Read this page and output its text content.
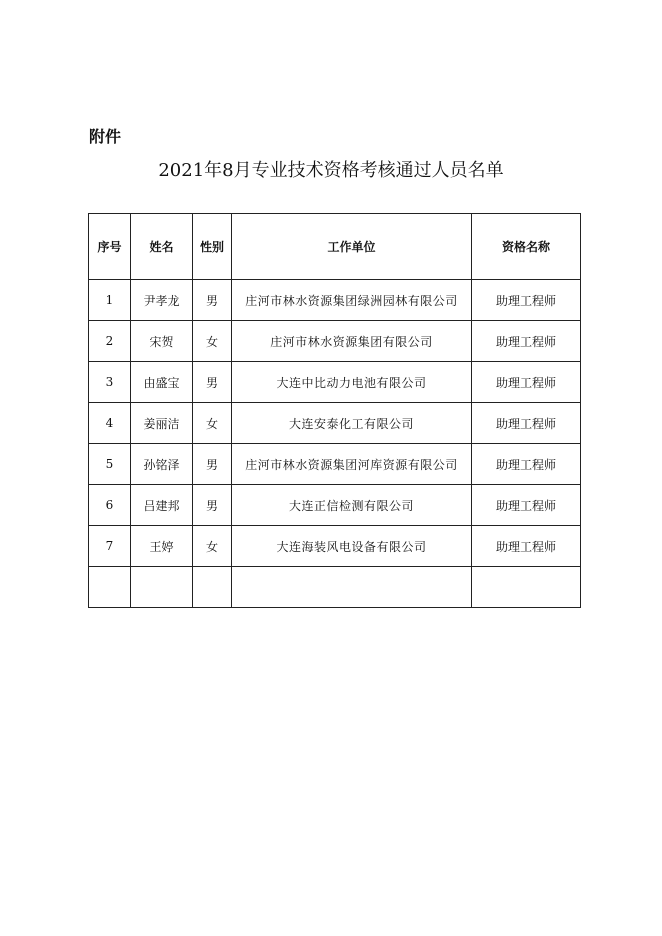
附件
2021年8月专业技术资格考核通过人员名单
序号	姓名	性别	工作单位	资格名称
1	尹孝龙	男	庄河市林水资源集团绿洲园林有限公司	助理工程师
2	宋贺	女	庄河市林水资源集团有限公司	助理工程师
3	由盛宝	男	大连中比动力电池有限公司	助理工程师
4	姜丽洁	女	大连安泰化工有限公司	助理工程师
5	孙铭泽	男	庄河市林水资源集团河库资源有限公司	助理工程师
6	吕建邦	男	大连正信检测有限公司	助理工程师
7	王婷	女	大连海装风电设备有限公司	助理工程师
